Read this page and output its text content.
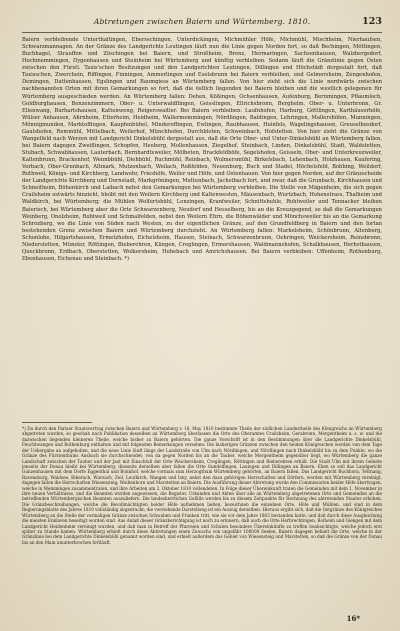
Abtretungen zwischen Baiern und Würtemberg. 1810.	123

Baiern verbleibende Unterthaltingen, Ebersschingen, Unterdickingen, Michmühler Höfe, Michmühl, Mischheim, Nierhaufsen, Schwarzmannagen. An der Gränze des Landgerichts Leutingen läuft nun die Linie gegen Norden fort, so daß Bechingen, Möttingen, Buchhagel, Strauffen und Zöschingen bei Baiern, und Stroßheim, Brenz, Hermaringen, Sachsenhausen, Walzbergsdorf, Hochmemmingen, Dygenhausen und Steinheim bei Würtemberg und künftig verbleiben. Sodann läuft die Gränzlinie gegen Osten zwischen den Fürstl. Taxis'schen Besitzungen und den Landgerichten Leutingen, Dillingen und Höchstädt dergestalt fort, daß Taxisschen, Zwerchein, Riffingen, Finningen, Ammerlingen und Eselsbrunn bei Baiern verbleiben, und Gelmersheim, Zengenhofen, Demingen, Dattenhausen, Egslingen und Baumgiess an Würtemberg fallen. Von hier zieht sich die Linie nordwärts zwischen nachbenannten Orten mit ihren Gemarkungen so fort, daß die östlich liegenden bei Baiern bleiben und die westlich gelegenen für Würtemberg ausgeschieden werden. An Würtemberg fallen: Dehen, Kößingen, Ochsenhausen, Aufenburg, Bernmingen, Pflaumloch, Goldburghausen, Benzenzimmern, Ober- u. Unterwaldflingen, Geisslingen, Ellrichsbronn, Berghelm, Ober- u. Unterbronn, Gr. Ellenwang, Burhartshausen, Kattenweng, Reigerswaitler. Bei Baiern verbleiben: Laufnhofen, Harburg, Göttlingen, Karthäuserhöfe, Wülser Anhausen, Ahrnheim, Etterheim, Heidheim, Wallermemmingen, Nördlingen, Baldingen, Lehringen, Mallershöfen, Munningen, Mönnigmunden, Marktoffingen, Kaupfenbühel, Minderoffingen, Ewlingen, Raubhausen, Heinfels, Wagelingshausen, Greuselbusdorf, Gaulshofen, Remmühl, Mittelbach, Weilerhof, Münchhofen, Durchbloten, Schweinbach, Hofstetten. Von hier zieht die Gränze von Wangelfeld nach Werzen mit Landgericht Dinkelsbühl dergestalt aus, daß die Orte Ober- und Unter-Dinkelsbühl an Würtemberg fallen, bei Baiern dagegen Zweiflingen, Schopfen, Heuberg, Mollenhausen, Ziegelhof, Steinbach, Linden, Dinkelsbühl, Stadt, Waldstetten, Stubach, Schwabhausen, Lauterbach, Bernhardtsweiler, Mölbeten, Brackfeldhöfe, Segelshofen, Geisseln, Ober- und Unterkreuzweiler, Kaltenbrunn, Brackenhof, Wennbbühl, Diehbühl, Ruchmühl, Reinbach, Wulmersmühl, Birkelsbach, Lehenbach, Holzhauen, Kaufering, Vorbach, Ober-Grunbach, Altmark, Mutzenbach, Weilach, Roßfelden, Neuenburg, Buch und Stadel, Höchelsfeld, Bobbing, Weildorf, Rothweil, Königs- und Kirchberg, Landwehr, Frieshöfe, Weiler und Höfe, und Ostenhauen. Von hier gegen Norden, auf der Gränzscheide der Landgerichte Kirchberg und Dornstadt, Markgröningen, Muttenbach, Jachstbach fort, und zwar, daß die Grunbach, Kirchhausen und Schneitheim, Böhenkirch und Laibach nebst den Gemarkungen bei Würtemberg verbleiben. Die Stelle von Mägenheim, die sich gegen Crailsheim ostwärts hinzieht, bleibt mit den Weilern Kirchberg und Kaltenwesten, Mäusenbach, Wurtzbach, Hohenstrass, Thalheim und Waldkirch, bei Würtemberg; die Mühlen Wolfertsbühl, Lenzingen, Kranfweiler, Schnittsbuhle, Rohtweiler und Tennacker bleiben Baierisch, bei Würtemberg aber die Orte Schwarzenberg, Neudorf und Hesselberg, bis an die Kreuzgegend, so daß die Gemarkungen Weinberg, Onolzheim, Rohtweil und Schmalfelden, nebst den Weilern Ehrn, die Böhenwälder und Mönchsweiler bis an die Gemarkung Schrozberg, wo die Linie von Süden nach Westen, zu der eigentlichen Gränze, auf den Grundfeldberg in Baiern und den fortan bestehenden Grenz zwischen Baiern und Würtemberg durchzieht. An Würtemberg fallen: Markelsheim, Schönbrunn, Altenberg, Schonlohe, Hilgartshausen, Ermetzhofen, Eichelsheim, Hausen, Steinach, Schwarzenbrunn, Oehringen, Weickersheim, Reinsbronn, Niederstetten, Münster, Röttingen, Bieberehren, Klingen, Creglingen, Ermershausen, Waldmannshofen, Schalkhausen, Herbsthausen, Queckbronn, Erdbach, Oberstetten, Wolkersheim, Hohebach und Amrichshausen. Bei Baiern verbleiben: Uffenheim, Rothenburg, Ebenhausen, Eichenau und Steinbach. *)

*) Da durch den Pariser Staatsvertrag zwischen Baiern und Würtemberg v. 18. May 1810 bestimmte Theile der südlichen Landestheile des Königreichs an Würtemberg abgetreten wurden, so geschah nach Publikation desselben an Würtemberg überlassen die Orte des Oberamtes Crailsheim, Gerabronn, Mergentheim u. s. w. und die dazwischen liegenden kleineren Theile, welche bisher zu Baiern gehörten. Die ganze Vorschrift ist in den Bestimmungen über die Landgerichte Dinkelsbühl, Feuchtwangen und Rothenburg enthalten und mit folgenden Bemerkungen versehen: Die bisherigen Gränzen zwischen den beiden Königreichen werden von dem Tage der Uebergabe an aufgehoben, und die neue Linie läuft längs der Landstraße von Ulm nach Nördlingen, und Nördlingen nach Dinkelsbühl bis zu dem Punkte, wo die Gränze des Fürstenthums Ansbach sie durchschneidet; von da gegen Norden bis an die Tauber, welche Mergentheim gegenüber liegt, wo Würtemberg die ganze Landschaft zwischen der Tauber und der Jaxt mit Einschluß der Orte Weickersheim, Creglingen, Röttingen und Bieberehren erhält. Die Stadt Ulm mit ihrem Gebiete jenseits der Donau bleibt bei Würtemberg; diesseits derselben aber fallen die Orte Gundelfingen, Lauingen und Dillingen an Baiern. Eben so soll das Landgericht Gunzenhausen mit dem Dorfe Eggenthal und Bonnhof, welche vormals zum Herzogthum Würtemberg gehörten, an Baiern fallen. Das Landgericht Buchhorn, Tettnang, Ravensburg, Waldsee, Biberach, Wurzach, Zeil, Leutkirch, Wangen und Isny, nebst den dazu gehörigen Herrschaften und Dörfern, werden mit Würtemberg vereinigt, dagegen fallen die Herrschaften Wiesensteig, Weißenhorn und Marstetten an Baiern. Die Ausführung dieser Abtretung wurde den Commissarien beider Höfe übertragen, welche in Memmingen zusammentraten, und ihre Arbeiten am 2. Oktober 1810 vollendeten. In Folge dieser Übereinkunft traten die Gemeinden mit dem 1. November in ihre neuen Verhältnisse, und die Beamten wurden angewiesen, die Register, Urkunden und Akten über alle an Würtemberg abgetretenen Orte und Gemeinden an die betreffenden Würtembergischen Beamten auszuliefern. Die landesherrlichen Gefälle werden bis zu diesem Zeitpunkte für Rechnung des abtretenden Staates erhoben. Die Gränzbeschreibungen, welche die Bevollmächtigten beider Höfe aufnehmen ließen, bezeichnen die einzelnen Orte, Höfe und Mühlen, und sind in dem Regierungsblatte des Jahres 1810 vollständig abgedruckt; die vorstehende Darstellung ist ein Auszug derselben. Hieraus ergibt sich, daß die Ostgränze des Königreiches Würtemberg an die Stelle der vormaligen Gränze zwischen Schwaben und Franken tritt, wie sie vor dem Jahre 1803 bestanden hatte, und daß durch diese Ausgleichung die meisten Enklaven beseitigt worden sind. Aus Anlaß dieser Gränzberichtigung ist noch zu erinnern, daß auch die Orte Herbrechtingen, Bolheim und Giengen mit dem Landgericht Heidenheim vereinigt wurden, und daß man in Betreff der Pfarreien und Schulen besondere Übereinkünfte zu treffen beabsichtigte, welche jedoch erst später zu Stande kamen. Würtemberg erhielt durch diese Abtretungen einen Zuwachs von ungefähr 160000 Seelen, Baiern dagegen behielt die Orte, welche in der Gränzlinie bei dem Landgerichte Dinkelsbühl genannt worden sind, und erhielt außerdem das Gebiet von Wiesensteig und Marstetten, so daß die Gränze von der Donau bis an den Main ununterbrochen fortläuft.

16*
